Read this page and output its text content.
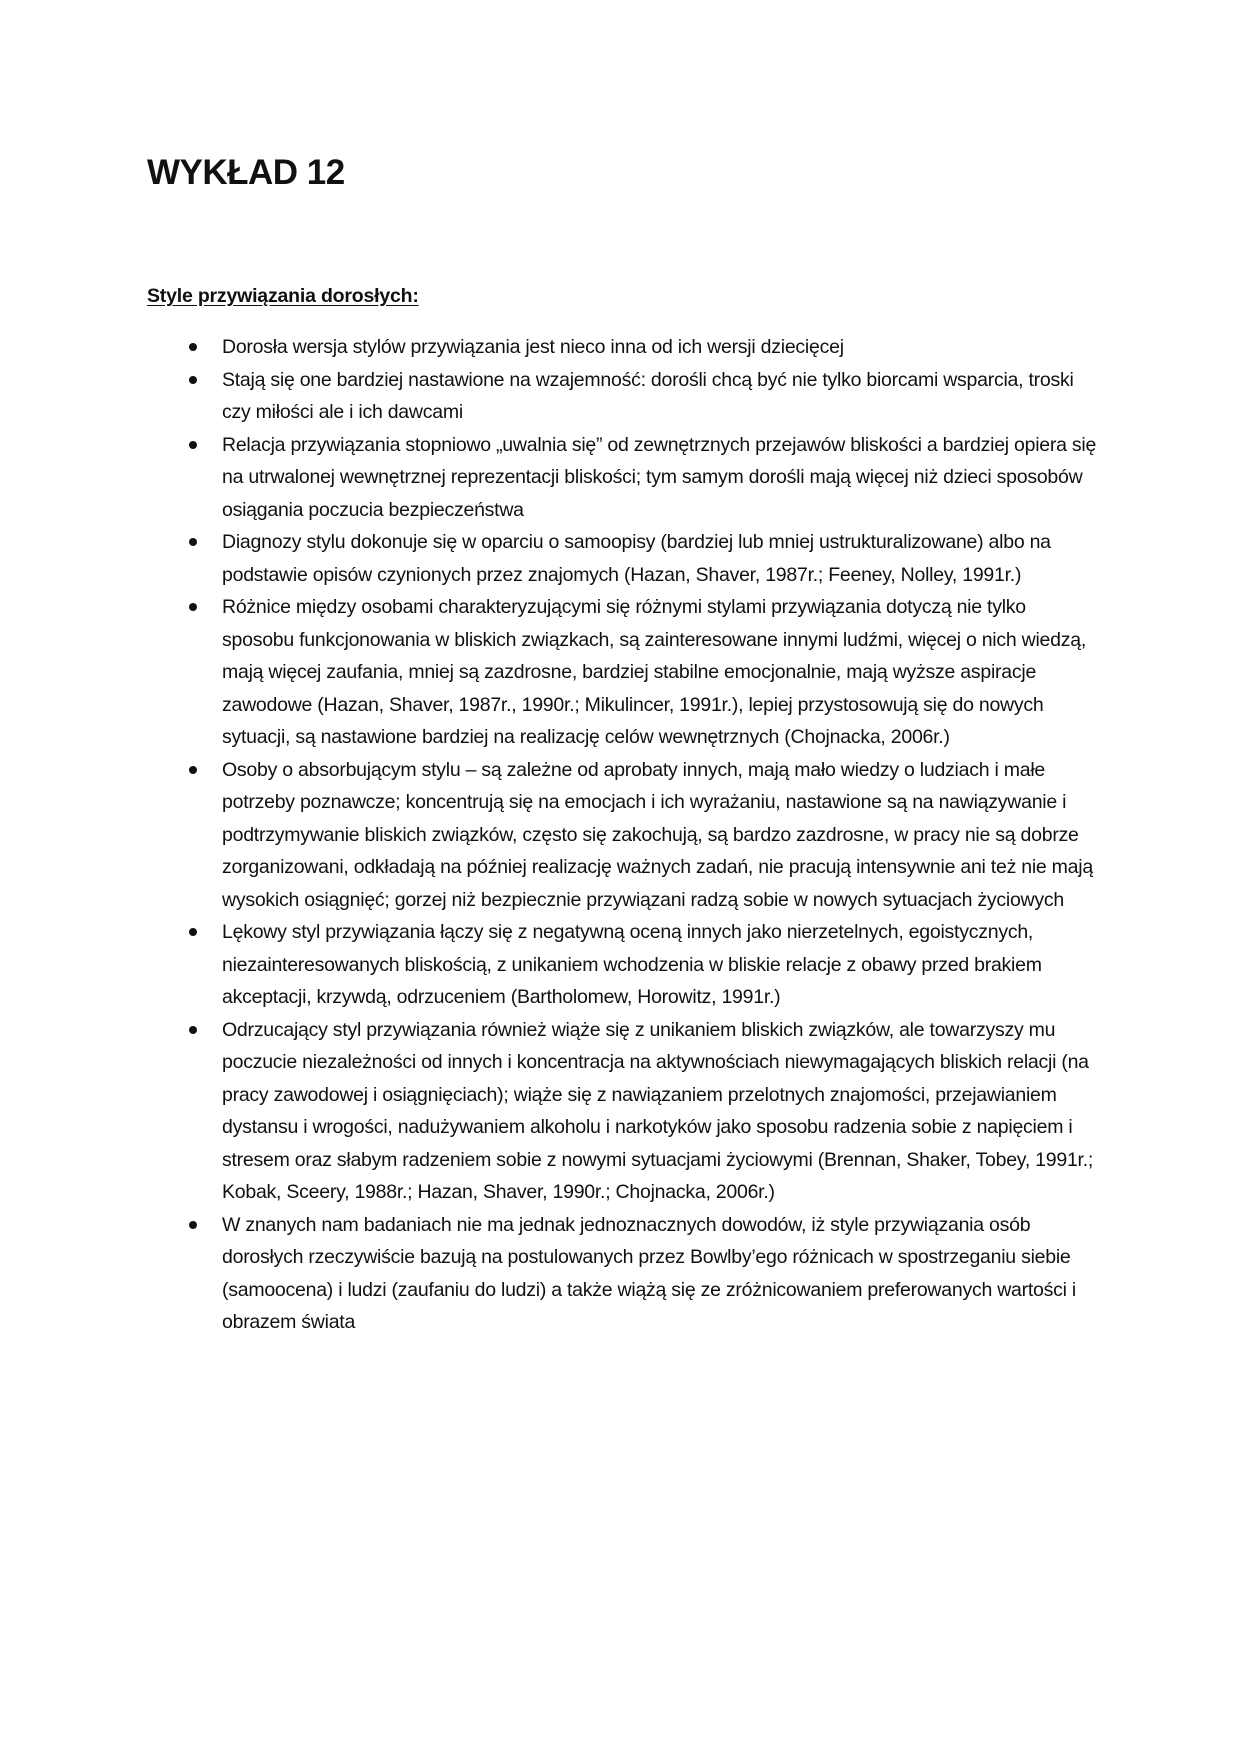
WYKŁAD 12
Style przywiązania dorosłych:
Dorosła wersja stylów przywiązania jest nieco inna od ich wersji dziecięcej
Stają się one bardziej nastawione na wzajemność: dorośli chcą być nie tylko biorcami wsparcia, troski czy miłości ale i ich dawcami
Relacja przywiązania stopniowo „uwalnia się” od zewnętrznych przejawów bliskości a bardziej opiera się na utrwalonej wewnętrznej reprezentacji bliskości; tym samym dorośli mają więcej niż dzieci sposobów osiągania poczucia bezpieczeństwa
Diagnozy stylu dokonuje się w oparciu o samoopisy (bardziej lub mniej ustrukturalizowane) albo na podstawie opisów czynionych przez znajomych (Hazan, Shaver, 1987r.; Feeney, Nolley, 1991r.)
Różnice między osobami charakteryzującymi się różnymi stylami przywiązania dotyczą nie tylko sposobu funkcjonowania w bliskich związkach, są zainteresowane innymi ludźmi, więcej o nich wiedzą, mają więcej zaufania, mniej są zazdrosne, bardziej stabilne emocjonalnie, mają wyższe aspiracje zawodowe (Hazan, Shaver, 1987r., 1990r.; Mikulincer, 1991r.), lepiej przystosowują się do nowych sytuacji, są nastawione bardziej na realizację celów wewnętrznych (Chojnacka, 2006r.)
Osoby o absorbującym stylu – są zależne od aprobaty innych, mają mało wiedzy o ludziach i małe potrzeby poznawcze; koncentrują się na emocjach i ich wyrażaniu, nastawione są na nawiązywanie i podtrzymywanie bliskich związków, często się zakochują, są bardzo zazdrosne, w pracy nie są dobrze zorganizowani, odkładają na później realizację ważnych zadań, nie pracują intensywnie ani też nie mają wysokich osiągnięć; gorzej niż bezpiecznie przywiązani radzą sobie w nowych sytuacjach życiowych
Lękowy styl przywiązania łączy się z negatywną oceną innych jako nierzetelnych, egoistycznych, niezainteresowanych bliskością, z unikaniem wchodzenia w bliskie relacje z obawy przed brakiem akceptacji, krzywdą, odrzuceniem (Bartholomew, Horowitz, 1991r.)
Odrzucający styl przywiązania również wiąże się z unikaniem bliskich związków, ale towarzyszy mu poczucie niezależności od innych i koncentracja na aktywnościach niewymagających bliskich relacji (na pracy zawodowej i osiągnięciach); wiąże się z nawiązaniem przelotnych znajomości, przejawianiem dystansu i wrogości, nadużywaniem alkoholu i narkotyków jako sposobu radzenia sobie z napięciem i stresem oraz słabym radzeniem sobie z nowymi sytuacjami życiowymi (Brennan, Shaker, Tobey, 1991r.; Kobak, Sceery, 1988r.; Hazan, Shaver, 1990r.; Chojnacka, 2006r.)
W znanych nam badaniach nie ma jednak jednoznacznych dowodów, iż style przywiązania osób dorosłych rzeczywiście bazują na postulowanych przez Bowlby’ego różnicach w spostrzeganiu siebie (samoocena) i ludzi (zaufaniu do ludzi) a także wiążą się ze zróżnicowaniem preferowanych wartości i obrazem świata
